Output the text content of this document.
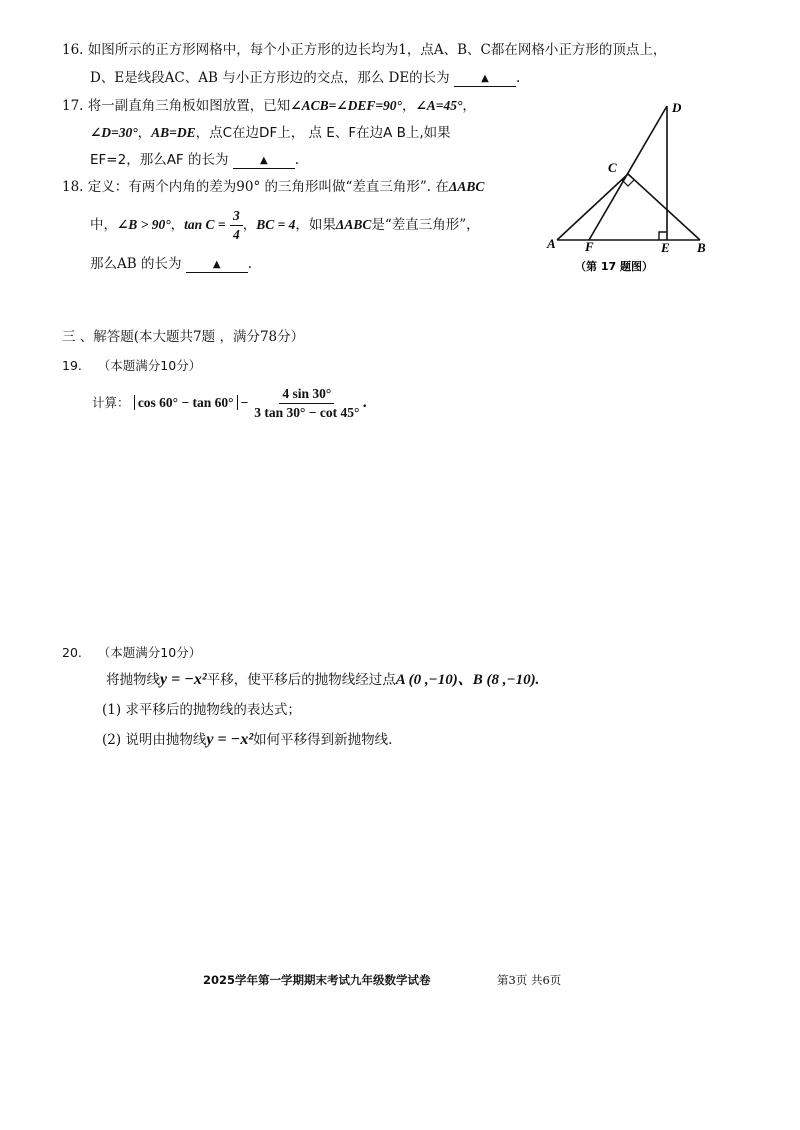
16. 如图所示的正方形网格中，每个小正方形的边长均为1，点A、B、C都在网格小正方形的顶点上，
D、E是线段AC、AB 与小正方形边的交点，那么 DE的长为	▲ .
17. 将一副直角三角板如图放置，已知∠ACB=∠DEF=90°，∠A=45°，
∠D=30°，AB=DE，点C在边DF上， 点 E、F在边A B上,如果
EF=2，那么AF 的长为	▲ .
18. 定义：有两个内角的差为90° 的三角形叫做“差直三角形”. 在ΔABC
中，∠B > 90°，$\tan C = \frac{3}{4}$ ，BC = 4，如果ΔABC是“差直三角形”，
那么AB 的长为	▲ .
A F	E B
C
D
（第 17 题图）
三 、解答题(本大题共7题 ，满分78分）
19. （本题满分10分）
计算： $\cos 60^\circ - \tan 60^\circ - \frac{4 \sin 30^\circ}{3 \tan 30^\circ - \cot 45^\circ}$ .
20. （本题满分10分）
将抛物线y = −x²平移，使平移后的抛物线经过点A (0 ,−10)、B (8 ,−10).
(1) 求平移后的抛物线的表达式；
(2) 说明由抛物线y = −x²如何平移得到新抛物线.
2025学年第一学期期末考试九年级数学试卷	第3页 共6页
